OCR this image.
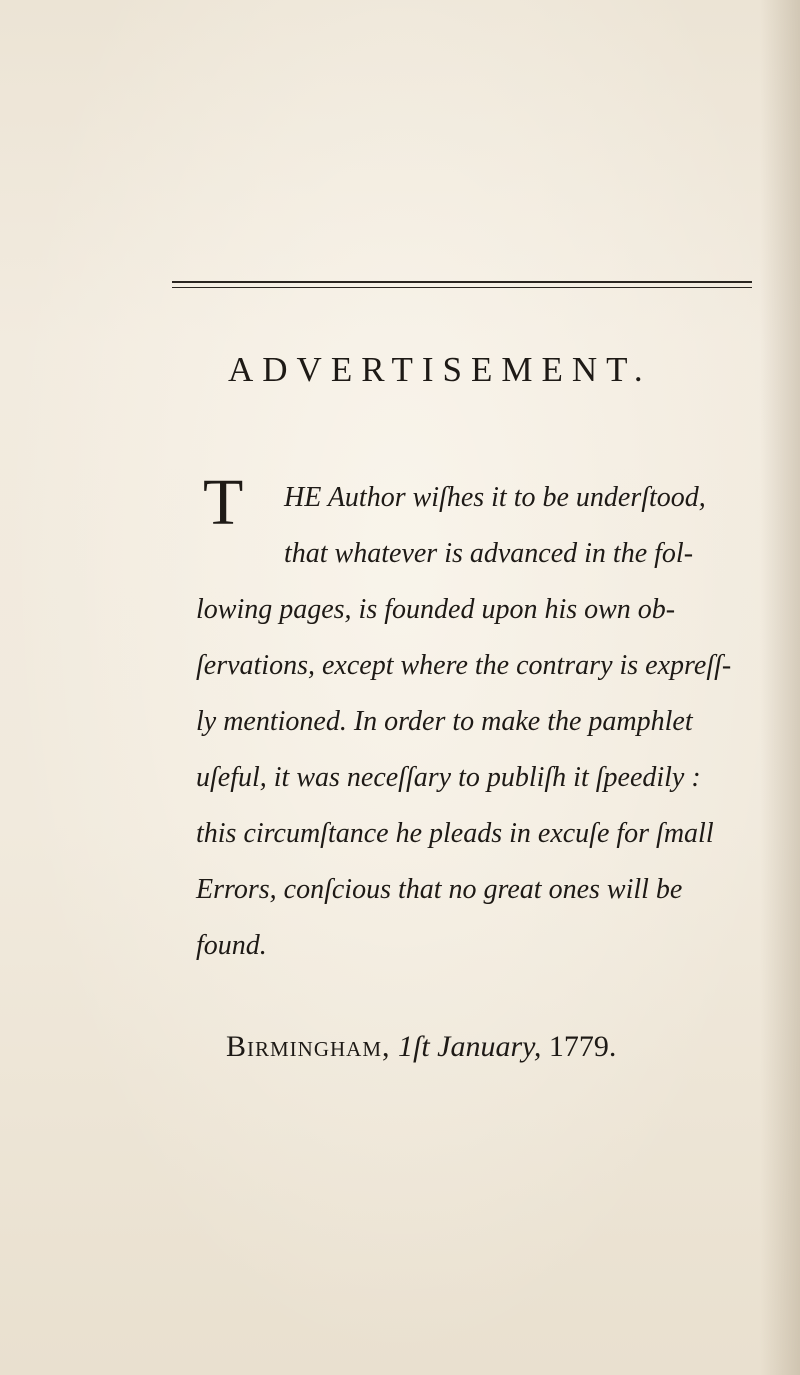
ADVERTISEMENT.
T HE Author wiſhes it to be underſtood,
that whatever is advanced in the fol-
lowing pages, is founded upon his own ob-
ſervations, except where the contrary is expreſſ-
ly mentioned. In order to make the pamphlet
uſeful, it was neceſſary to publiſh it ſpeedily :
this circumſtance he pleads in excuſe for ſmall
Errors, conſcious that no great ones will be
found.
Birmingham, 1ſt January, 1779.
